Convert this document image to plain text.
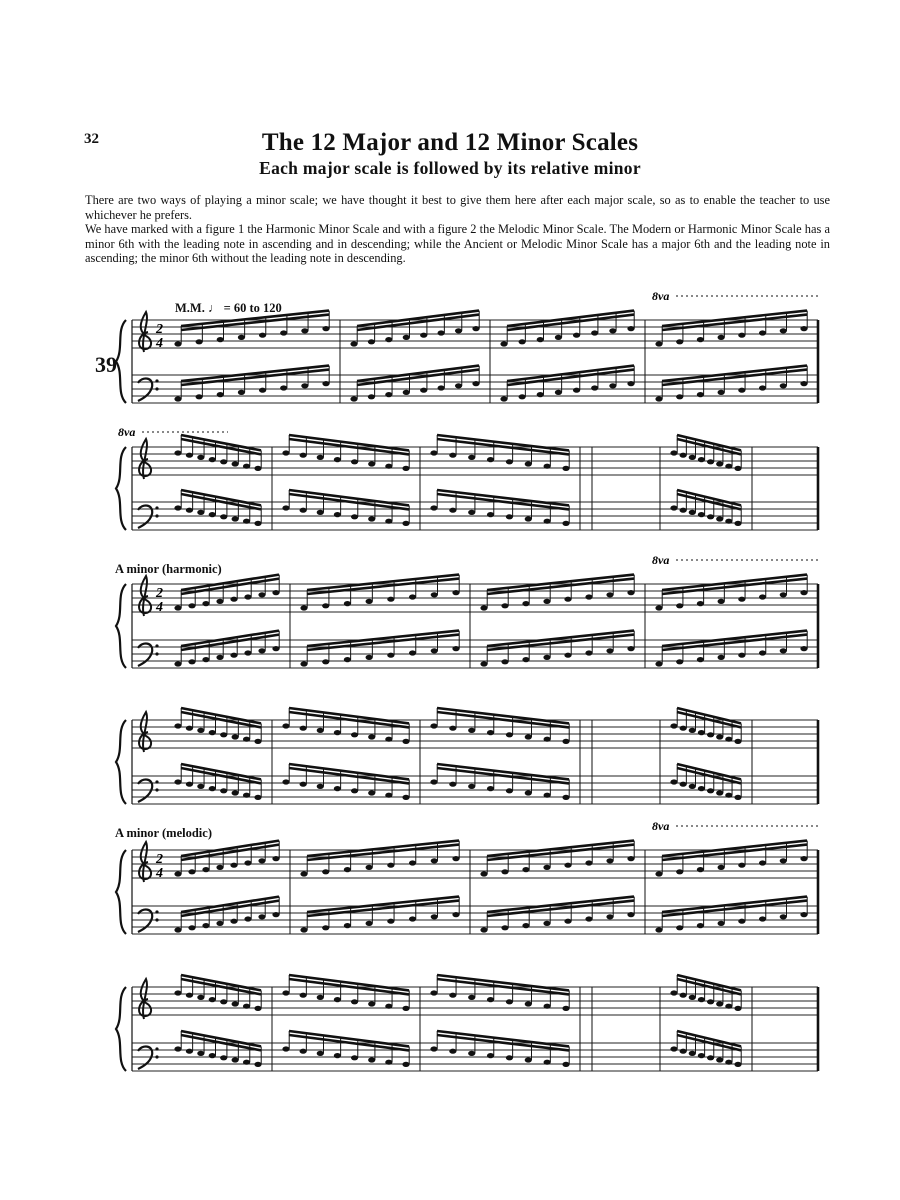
32	The 12 Major and 12 Minor Scales
Each major scale is followed by its relative minor

There are two ways of playing a minor scale; we have thought it best to give them here after each major scale, so as to enable the teacher to use whichever he prefers.

We have marked with a figure 1 the Harmonic Minor Scale and with a figure 2 the Melodic Minor Scale. The Modern or Harmonic Minor Scale has a minor 6th with the leading note in ascending and in descending; while the Ancient or Melodic Minor Scale has a major 6th and the leading note in ascending; the minor 6th without the leading note in descending.

M.M. ♩ = 60 to 120
39
A minor (harmonic)
A minor (melodic)
2
4
8va
2
4
8va
2
4
8va
8va
